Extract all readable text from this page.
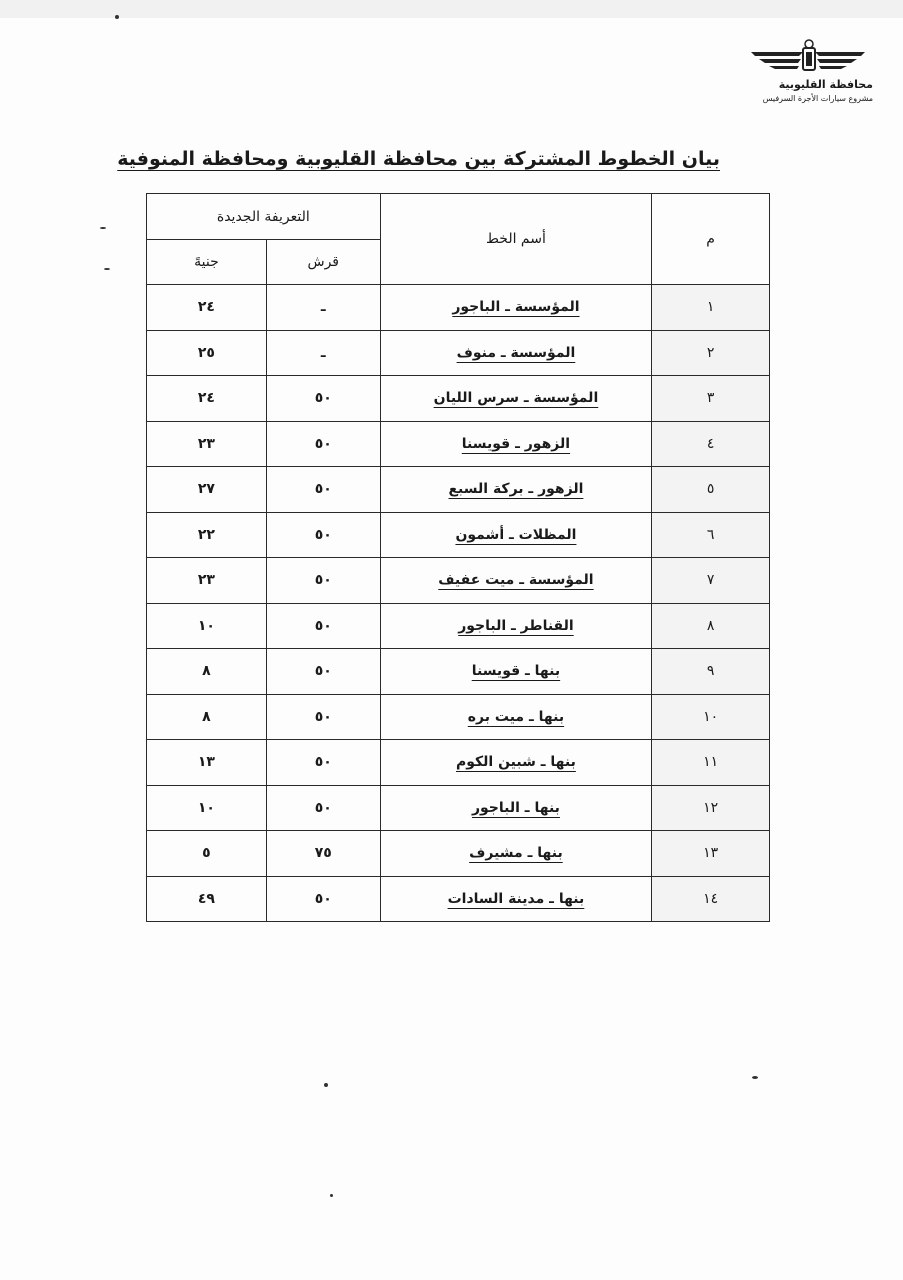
محافظة القليوبية
مشروع سيارات الأجرة السرفيس
بيان الخطوط المشتركة بين محافظة القليوبية ومحافظة المنوفية
م	أسم الخط	التعريفة الجديدة	
		قرش	جنيهً
١	المؤسسة ـ الباجور	ـ	٢٤
٢	المؤسسة ـ منوف	ـ	٢٥
٣	المؤسسة ـ سرس الليان	٥٠	٢٤
٤	الزهور ـ قويسنا	٥٠	٢٣
٥	الزهور ـ بركة السبع	٥٠	٢٧
٦	المظلات ـ أشمون	٥٠	٢٢
٧	المؤسسة ـ ميت عفيف	٥٠	٢٣
٨	القناطر ـ الباجور	٥٠	١٠
٩	بنها ـ قويسنا	٥٠	٨
١٠	بنها ـ ميت بره	٥٠	٨
١١	بنها ـ شبين الكوم	٥٠	١٣
١٢	بنها ـ الباجور	٥٠	١٠
١٣	بنها ـ مشيرف	٧٥	٥
١٤	بنها ـ مدينة السادات	٥٠	٤٩
